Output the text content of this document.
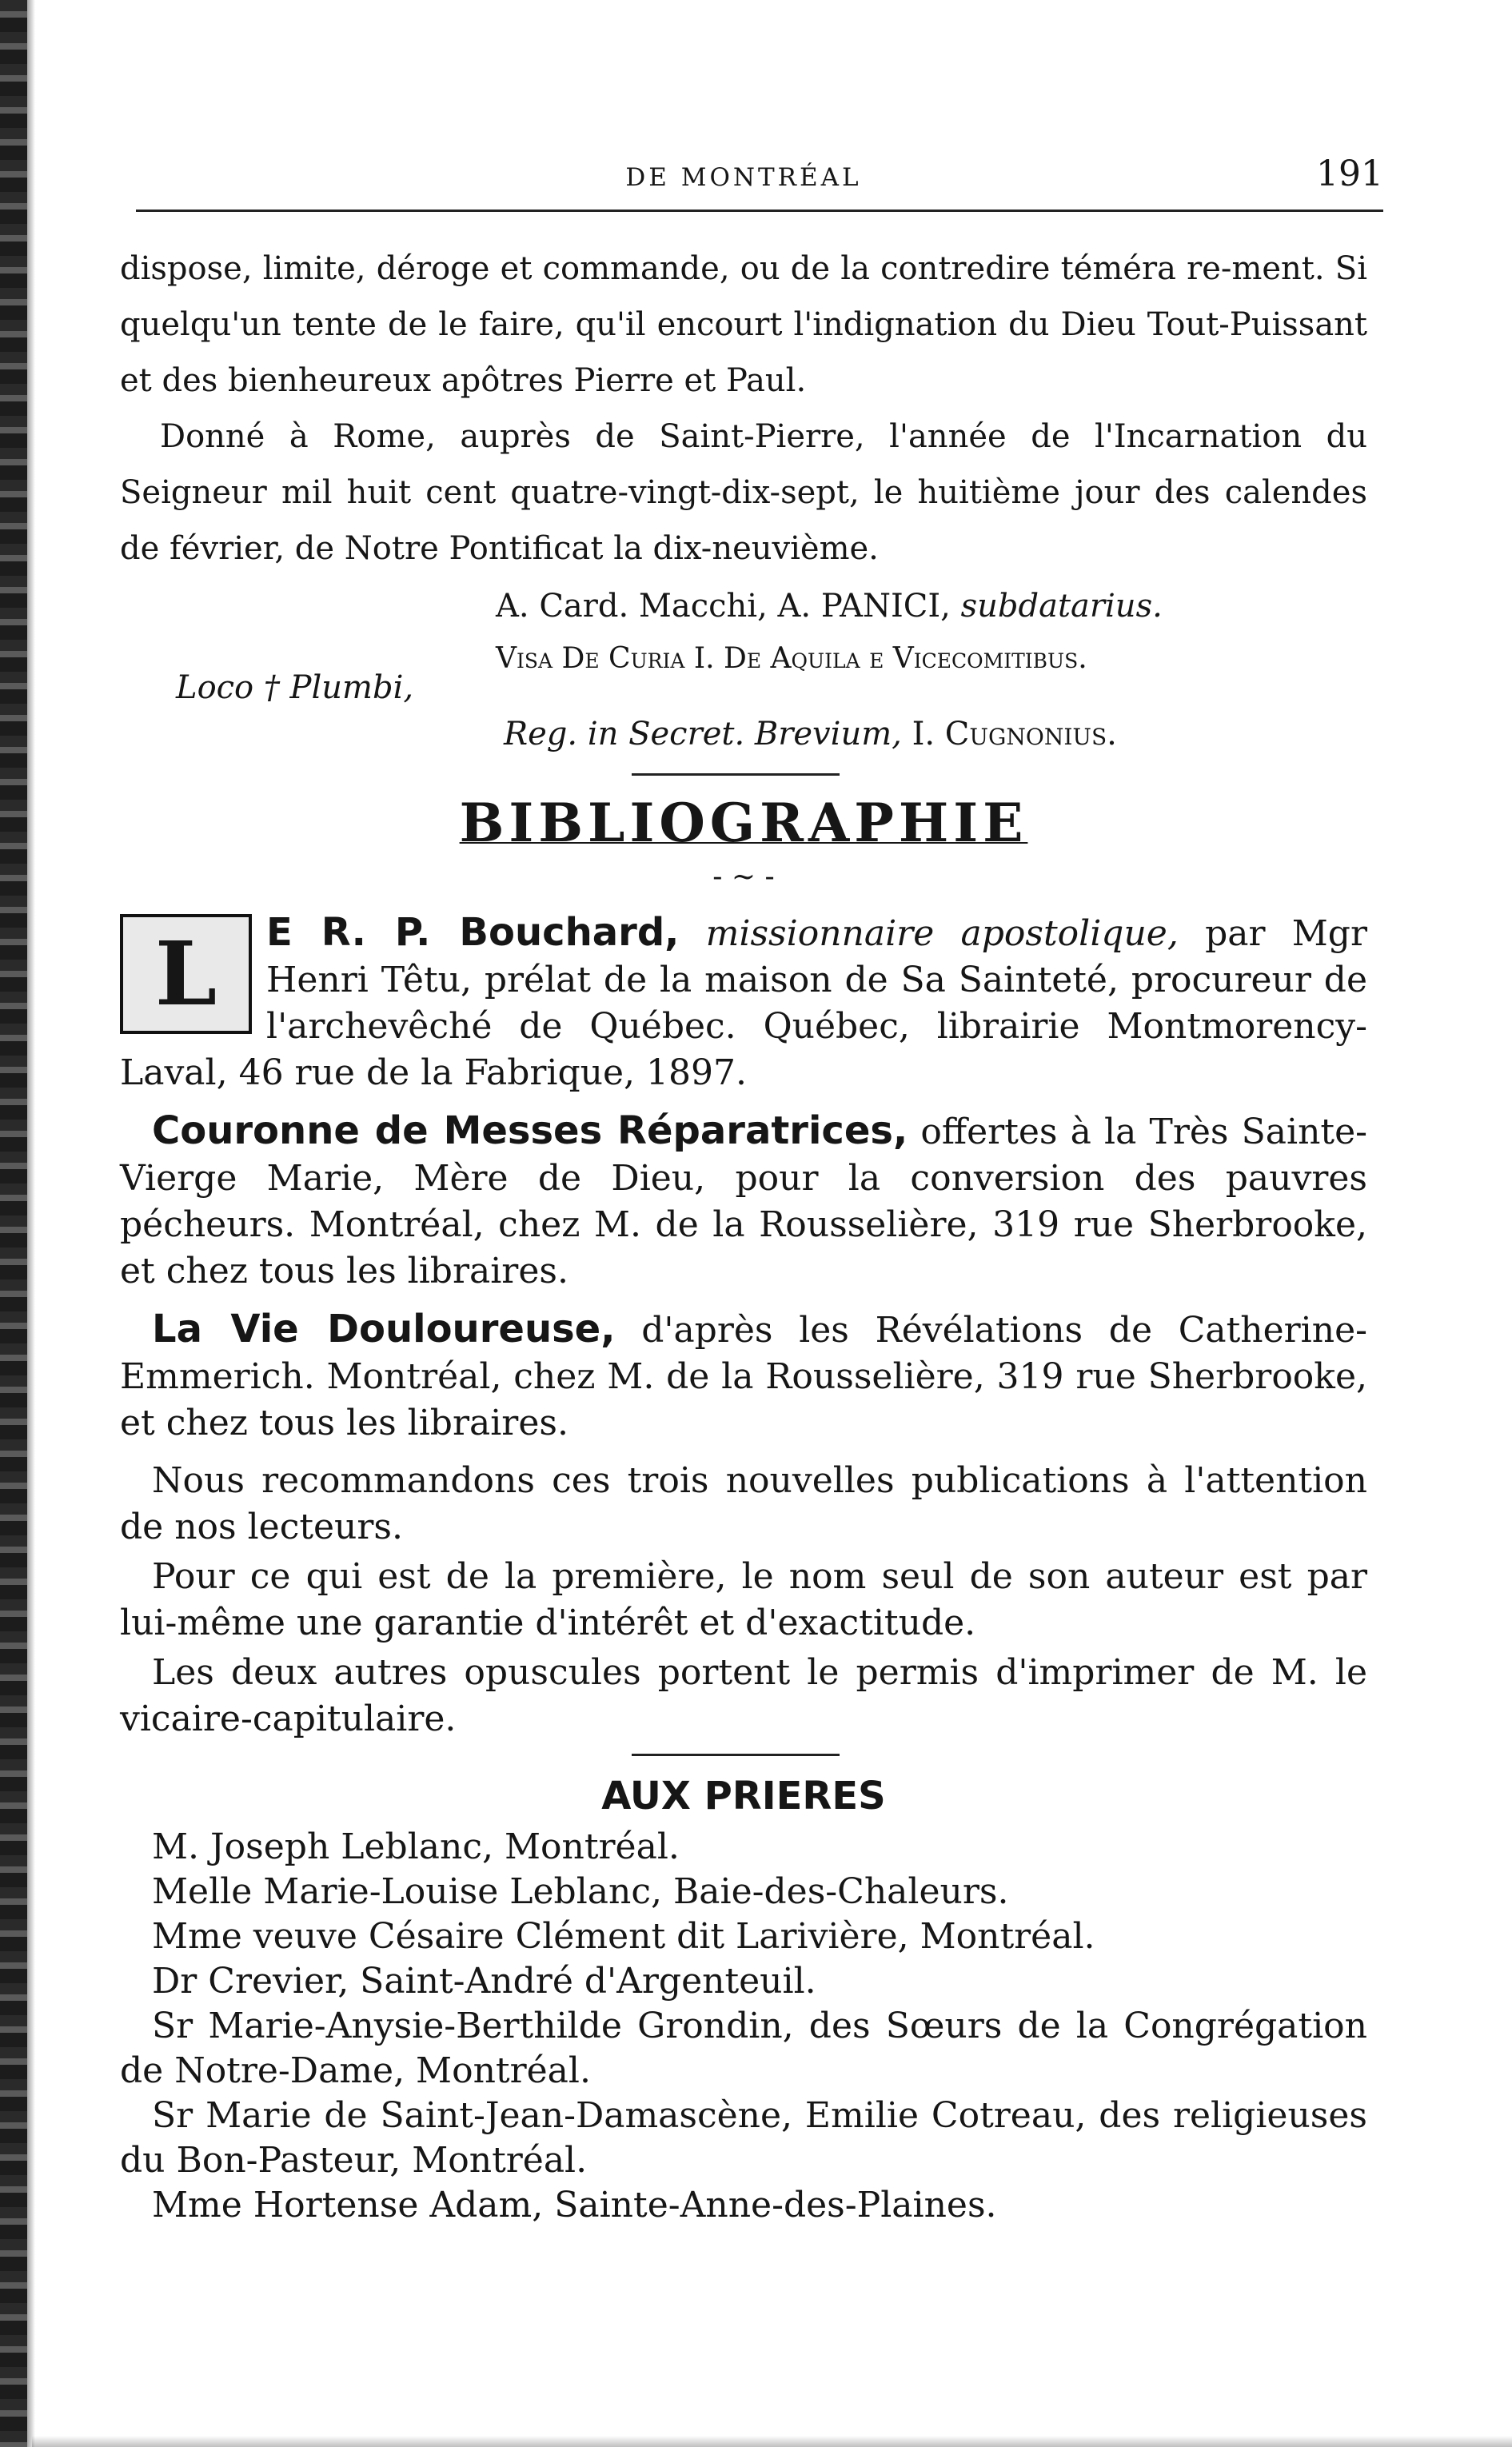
DE MONTRÉAL	191

dispose, limite, déroge et commande, ou de la contredire téméra re-ment. Si quelqu'un tente de le faire, qu'il encourt l'indignation du Dieu Tout-Puissant et des bienheureux apôtres Pierre et Paul.

Donné à Rome, auprès de Saint-Pierre, l'année de l'Incarnation du Seigneur mil huit cent quatre-vingt-dix-sept, le huitième jour des calendes de février, de Notre Pontificat la dix-neuvième.

A. Card. Macchi, A. PANICI, subdatarius.
Visa De Curia I. De Aquila e Vicecomitibus.
Loco † Plumbi,
Reg. in Secret. Brevium, I. Cugnonius.
BIBLIOGRAPHIE
- ~ -
L	E R. P. Bouchard, missionnaire apostolique, par Mgr Henri Têtu, prélat de la maison de Sa Sainteté, procureur de l'archevêché de Québec. Québec, librairie Montmorency-Laval, 46 rue de la Fabrique, 1897.
Couronne de Messes Réparatrices, offertes à la Très Sainte-Vierge Marie, Mère de Dieu, pour la conversion des pauvres pécheurs. Montréal, chez M. de la Rousselière, 319 rue Sherbrooke, et chez tous les libraires.
La Vie Douloureuse, d'après les Révélations de Catherine-Emmerich. Montréal, chez M. de la Rousselière, 319 rue Sherbrooke, et chez tous les libraires.

Nous recommandons ces trois nouvelles publications à l'attention de nos lecteurs.

Pour ce qui est de la première, le nom seul de son auteur est par lui-même une garantie d'intérêt et d'exactitude.

Les deux autres opuscules portent le permis d'imprimer de M. le vicaire-capitulaire.

AUX PRIERES
M. Joseph Leblanc, Montréal.
Melle Marie-Louise Leblanc, Baie-des-Chaleurs.
Mme veuve Césaire Clément dit Larivière, Montréal.
Dr Crevier, Saint-André d'Argenteuil.
Sr Marie-Anysie-Berthilde Grondin, des Sœurs de la Congrégation de Notre-Dame, Montréal.
Sr Marie de Saint-Jean-Damascène, Emilie Cotreau, des religieuses du Bon-Pasteur, Montréal.
Mme Hortense Adam, Sainte-Anne-des-Plaines.
